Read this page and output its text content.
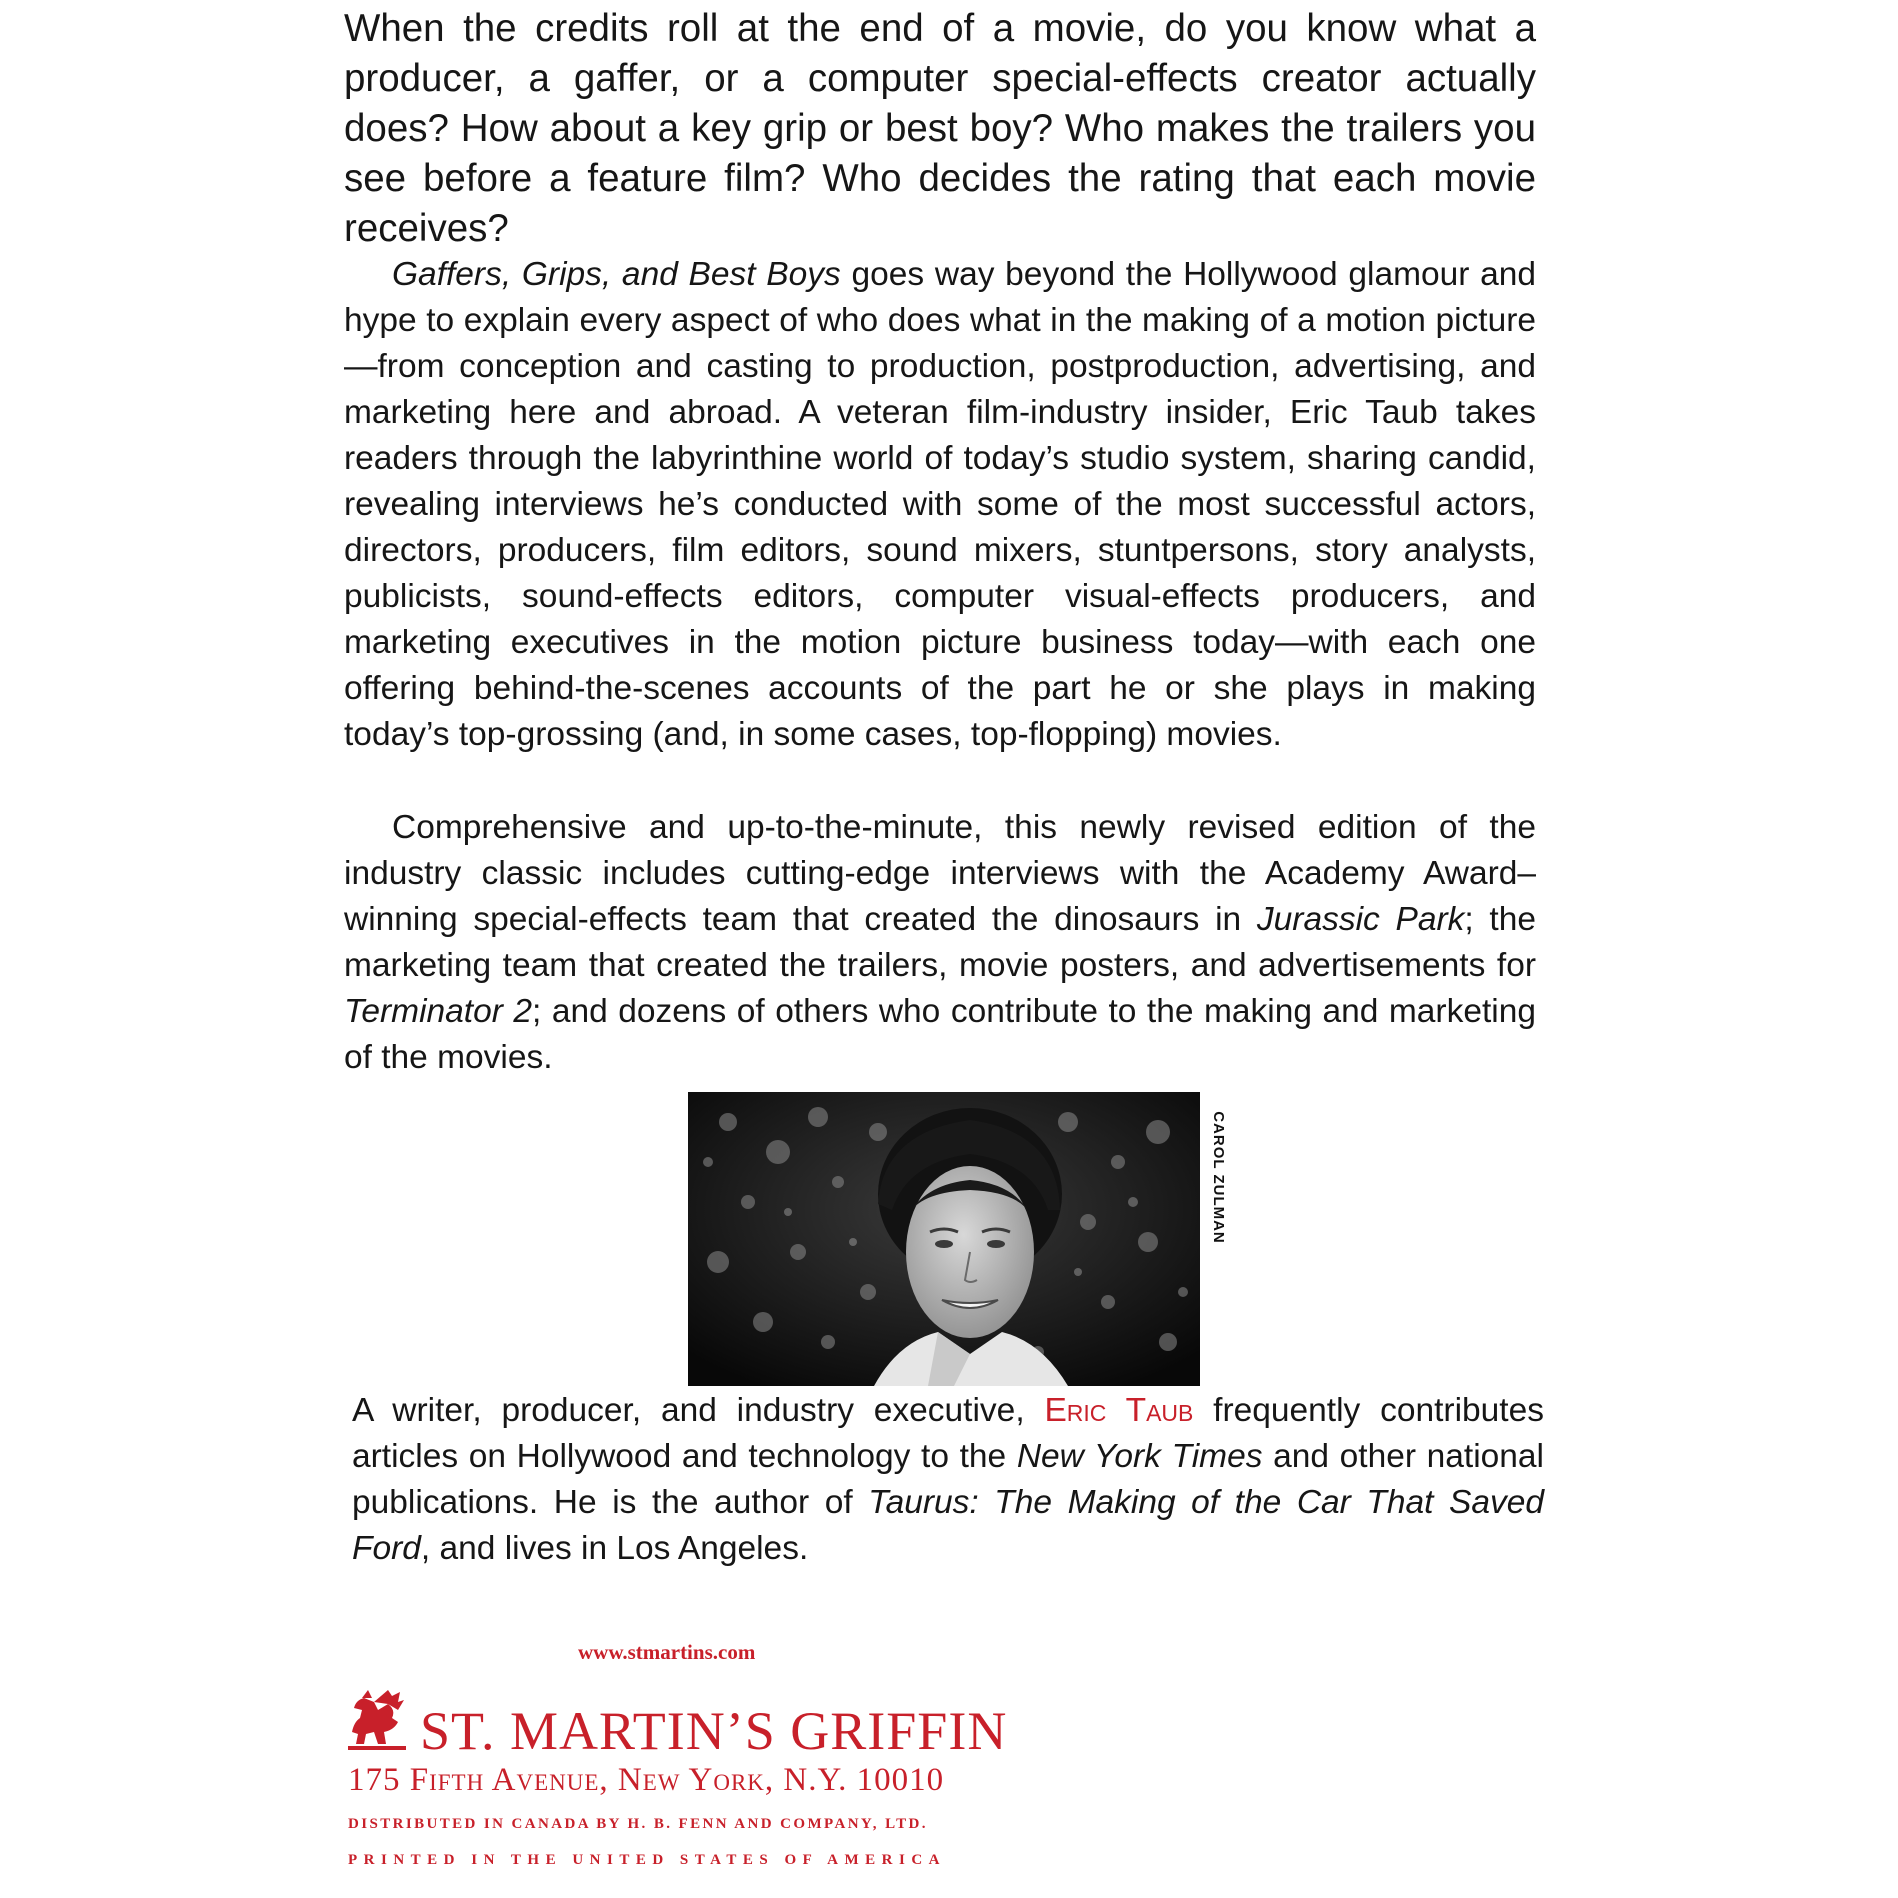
When the credits roll at the end of a movie, do you know what a producer, a gaffer, or a computer special-effects creator actually does? How about a key grip or best boy? Who makes the trailers you see before a feature film? Who decides the rating that each movie receives?

Gaffers, Grips, and Best Boys goes way beyond the Hollywood glamour and hype to explain every aspect of who does what in the making of a motion picture—from conception and casting to production, postproduction, advertising, and marketing here and abroad. A veteran film-industry insider, Eric Taub takes readers through the labyrinthine world of today’s studio system, sharing candid, revealing interviews he’s conducted with some of the most successful actors, directors, producers, film editors, sound mixers, stuntpersons, story analysts, publicists, sound-effects editors, computer visual-effects producers, and marketing executives in the motion picture business today—with each one offering behind-the-scenes accounts of the part he or she plays in making today’s top-grossing (and, in some cases, top-flopping) movies.

Comprehensive and up-to-the-minute, this newly revised edition of the industry classic includes cutting-edge interviews with the Academy Award–winning special-effects team that created the dinosaurs in Jurassic Park; the marketing team that created the trailers, movie posters, and advertisements for Terminator 2; and dozens of others who contribute to the making and marketing of the movies.

CAROL ZULMAN

A writer, producer, and industry executive, Eric Taub frequently contributes articles on Hollywood and technology to the New York Times and other national publications. He is the author of Taurus: The Making of the Car That Saved Ford, and lives in Los Angeles.

www.stmartins.com
ST. MARTIN’S GRIFFIN
175 Fifth Avenue, New York, N.Y. 10010
DISTRIBUTED IN CANADA BY H. B. FENN AND COMPANY, LTD.
PRINTED IN THE UNITED STATES OF AMERICA
